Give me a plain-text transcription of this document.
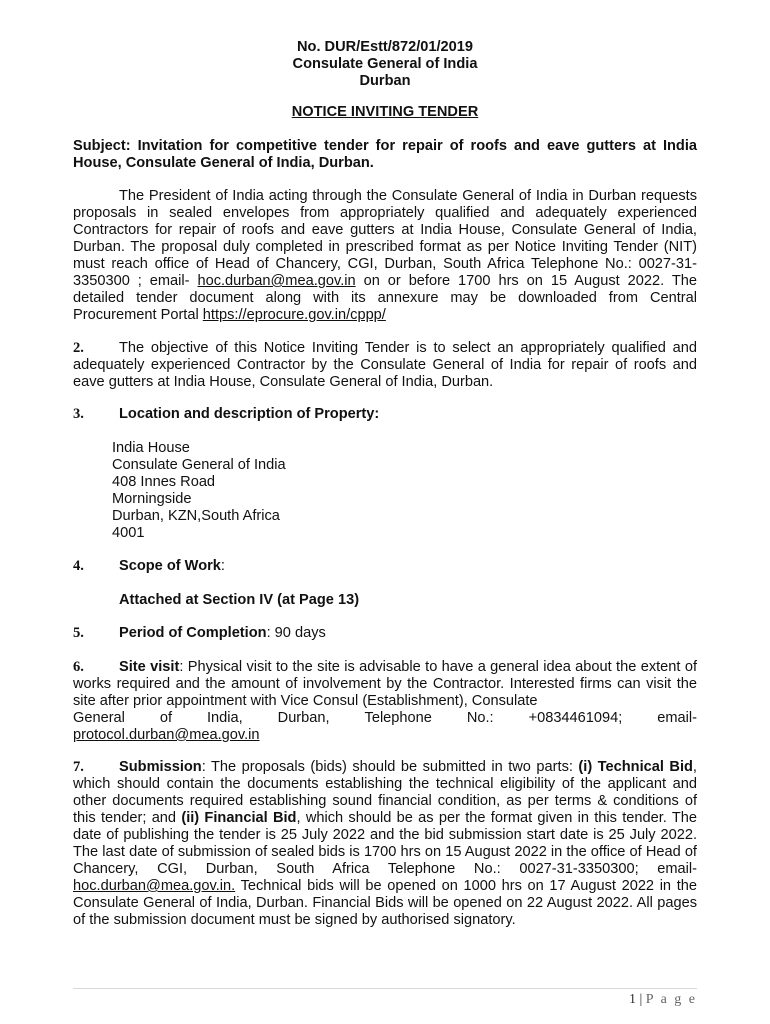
No. DUR/Estt/872/01/2019
Consulate General of India
Durban
NOTICE INVITING TENDER
Subject: Invitation for competitive tender for repair of roofs and eave gutters at India House, Consulate General of India, Durban.
The President of India acting through the Consulate General of India in Durban requests proposals in sealed envelopes from appropriately qualified and adequately experienced Contractors for repair of roofs and eave gutters at India House, Consulate General of India, Durban. The proposal duly completed in prescribed format as per Notice Inviting Tender (NIT) must reach office of Head of Chancery, CGI, Durban, South Africa Telephone No.: 0027-31-3350300 ; email- hoc.durban@mea.gov.in on or before 1700 hrs on 15 August 2022. The detailed tender document along with its annexure may be downloaded from Central Procurement Portal https://eprocure.gov.in/cppp/
2. The objective of this Notice Inviting Tender is to select an appropriately qualified and adequately experienced Contractor by the Consulate General of India for repair of roofs and eave gutters at India House, Consulate General of India, Durban.
3. Location and description of Property:
India House
Consulate General of India
408 Innes Road
Morningside
Durban, KZN,South Africa
4001
4. Scope of Work:
Attached at Section IV (at Page 13)
5. Period of Completion: 90 days
6. Site visit: Physical visit to the site is advisable to have a general idea about the extent of works required and the amount of involvement by the Contractor. Interested firms can visit the site after prior appointment with Vice Consul (Establishment), Consulate
General of India, Durban, Telephone No.: +0834461094; email-
protocol.durban@mea.gov.in
7. Submission: The proposals (bids) should be submitted in two parts: (i) Technical Bid, which should contain the documents establishing the technical eligibility of the applicant and other documents required establishing sound financial condition, as per terms & conditions of this tender; and (ii) Financial Bid, which should be as per the format given in this tender. The date of publishing the tender is 25 July 2022 and the bid submission start date is 25 July 2022. The last date of submission of sealed bids is 1700 hrs on 15 August 2022 in the office of Head of Chancery, CGI, Durban, South Africa Telephone No.: 0027-31-3350300; email- hoc.durban@mea.gov.in. Technical bids will be opened on 1000 hrs on 17 August 2022 in the Consulate General of India, Durban. Financial Bids will be opened on 22 August 2022. All pages of the submission document must be signed by authorised signatory.
1 | P a g e
